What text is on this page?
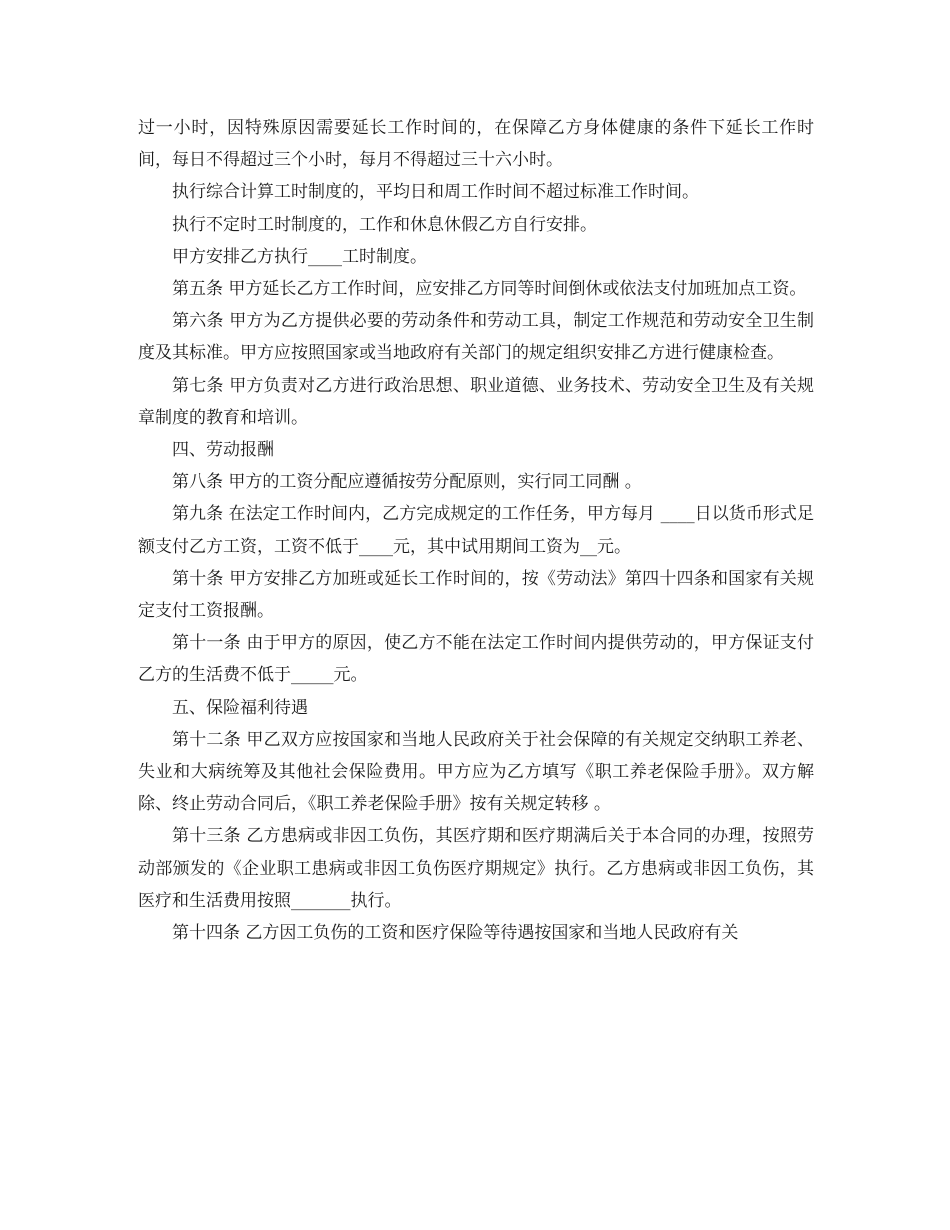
过一小时，因特殊原因需要延长工作时间的，在保障乙方身体健康的条件下延长工作时间，每日不得超过三个小时，每月不得超过三十六小时。

执行综合计算工时制度的，平均日和周工作时间不超过标准工作时间。

执行不定时工时制度的，工作和休息休假乙方自行安排。

甲方安排乙方执行____工时制度。

第五条 甲方延长乙方工作时间，应安排乙方同等时间倒休或依法支付加班加点工资。

第六条 甲方为乙方提供必要的劳动条件和劳动工具，制定工作规范和劳动安全卫生制度及其标准。甲方应按照国家或当地政府有关部门的规定组织安排乙方进行健康检查。

第七条 甲方负责对乙方进行政治思想、职业道德、业务技术、劳动安全卫生及有关规章制度的教育和培训。

四、劳动报酬

第八条 甲方的工资分配应遵循按劳分配原则，实行同工同酬 。

第九条 在法定工作时间内，乙方完成规定的工作任务，甲方每月 ____日以货币形式足额支付乙方工资，工资不低于____元，其中试用期间工资为__元。

第十条 甲方安排乙方加班或延长工作时间的，按《劳动法》第四十四条和国家有关规定支付工资报酬。

第十一条 由于甲方的原因，使乙方不能在法定工作时间内提供劳动的，甲方保证支付乙方的生活费不低于_____元。

五、保险福利待遇

第十二条 甲乙双方应按国家和当地人民政府关于社会保障的有关规定交纳职工养老、失业和大病统筹及其他社会保险费用。甲方应为乙方填写《职工养老保险手册》。双方解除、终止劳动合同后，《职工养老保险手册》按有关规定转移 。

第十三条 乙方患病或非因工负伤，其医疗期和医疗期满后关于本合同的办理，按照劳动部颁发的《企业职工患病或非因工负伤医疗期规定》执行。乙方患病或非因工负伤，其医疗和生活费用按照_______执行。

第十四条 乙方因工负伤的工资和医疗保险等待遇按国家和当地人民政府有关
